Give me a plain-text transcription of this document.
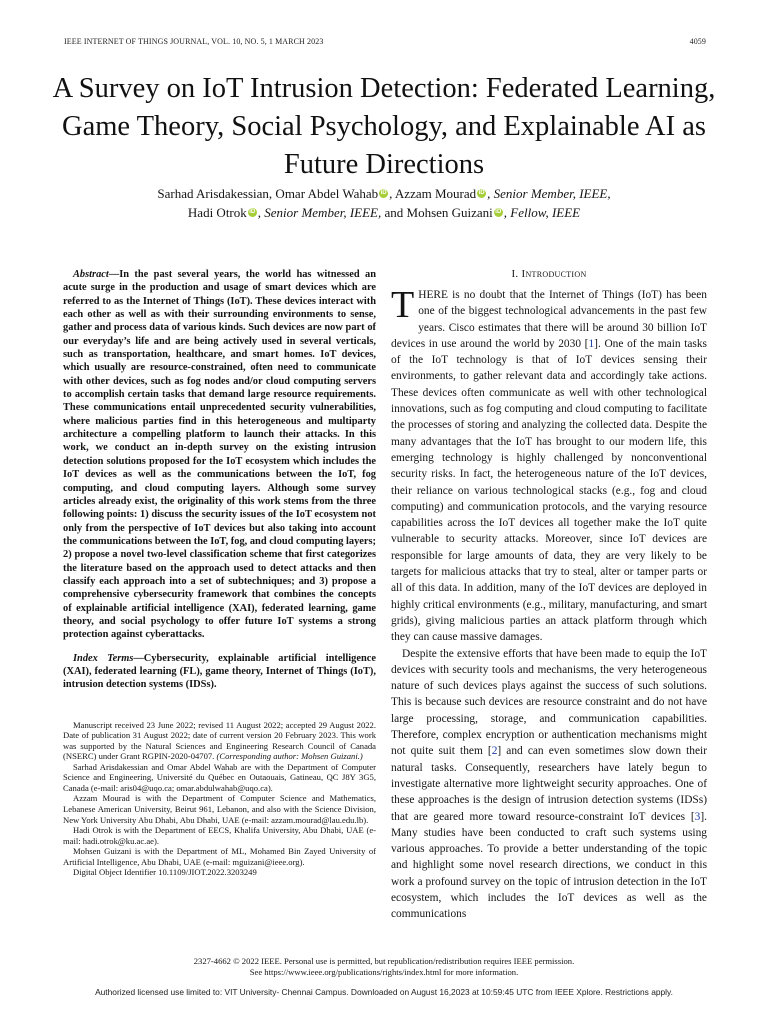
IEEE INTERNET OF THINGS JOURNAL, VOL. 10, NO. 5, 1 MARCH 2023	4059
A Survey on IoT Intrusion Detection: Federated Learning, Game Theory, Social Psychology, and Explainable AI as Future Directions
Sarhad Arisdakessian, Omar Abdel Wahab iD , Azzam Mourad iD , Senior Member, IEEE,
Hadi Otrok iD , Senior Member, IEEE, and Mohsen Guizani iD , Fellow, IEEE

Abstract—In the past several years, the world has witnessed an acute surge in the production and usage of smart devices which are referred to as the Internet of Things (IoT). These devices interact with each other as well as with their surrounding environments to sense, gather and process data of various kinds. Such devices are now part of our everyday’s life and are being actively used in several verticals, such as transportation, healthcare, and smart homes. IoT devices, which usually are resource-constrained, often need to communicate with other devices, such as fog nodes and/or cloud computing servers to accomplish certain tasks that demand large resource requirements. These communications entail unprecedented security vulnerabilities, where malicious parties find in this heterogeneous and multiparty architecture a compelling platform to launch their attacks. In this work, we conduct an in-depth survey on the existing intrusion detection solutions proposed for the IoT ecosystem which includes the IoT devices as well as the communications between the IoT, fog computing, and cloud computing layers. Although some survey articles already exist, the originality of this work stems from the three following points: 1) discuss the security issues of the IoT ecosystem not only from the perspective of IoT devices but also taking into account the communications between the IoT, fog, and cloud computing layers; 2) propose a novel two-level classification scheme that first categorizes the literature based on the approach used to detect attacks and then classify each approach into a set of subtechniques; and 3) propose a comprehensive cybersecurity framework that combines the concepts of explainable artificial intelligence (XAI), federated learning, game theory, and social psychology to offer future IoT systems a strong protection against cyberattacks.

Index Terms—Cybersecurity, explainable artificial intelligence (XAI), federated learning (FL), game theory, Internet of Things (IoT), intrusion detection systems (IDSs).

Manuscript received 23 June 2022; revised 11 August 2022; accepted 29 August 2022. Date of publication 31 August 2022; date of current version 20 February 2023. This work was supported by the Natural Sciences and Engineering Research Council of Canada (NSERC) under Grant RGPIN-2020-04707. (Corresponding author: Mohsen Guizani.)

Sarhad Arisdakessian and Omar Abdel Wahab are with the Department of Computer Science and Engineering, Université du Québec en Outaouais, Gatineau, QC J8Y 3G5, Canada (e-mail: aris04@uqo.ca; omar.abdulwahab@uqo.ca).

Azzam Mourad is with the Department of Computer Science and Mathematics, Lebanese American University, Beirut 961, Lebanon, and also with the Science Division, New York University Abu Dhabi, Abu Dhabi, UAE (e-mail: azzam.mourad@lau.edu.lb).

Hadi Otrok is with the Department of EECS, Khalifa University, Abu Dhabi, UAE (e-mail: hadi.otrok@ku.ac.ae).

Mohsen Guizani is with the Department of ML, Mohamed Bin Zayed University of Artificial Intelligence, Abu Dhabi, UAE (e-mail: mguizani@ieee.org).

Digital Object Identifier 10.1109/JIOT.2022.3203249

I. Introduction

THERE is no doubt that the Internet of Things (IoT) has been one of the biggest technological advancements in the past few years. Cisco estimates that there will be around 30 billion IoT devices in use around the world by 2030 [1]. One of the main tasks of the IoT technology is that of IoT devices sensing their environments, to gather relevant data and accordingly take actions. These devices often communicate as well with other technological innovations, such as fog computing and cloud computing to facilitate the processes of storing and analyzing the collected data. Despite the many advantages that the IoT has brought to our modern life, this emerging technology is highly challenged by nonconventional security risks. In fact, the heterogeneous nature of the IoT devices, their reliance on various technological stacks (e.g., fog and cloud computing) and communication protocols, and the varying resource capabilities across the IoT devices all together make the IoT quite vulnerable to security attacks. Moreover, since IoT devices are responsible for large amounts of data, they are very likely to be targets for malicious attacks that try to steal, alter or tamper parts or all of this data. In addition, many of the IoT devices are deployed in highly critical environments (e.g., military, manufacturing, and smart grids), giving malicious parties an attack platform through which they can cause massive damages.

Despite the extensive efforts that have been made to equip the IoT devices with security tools and mechanisms, the very heterogeneous nature of such devices plays against the success of such solutions. This is because such devices are resource constraint and do not have large processing, storage, and communication capabilities. Therefore, complex encryption or authentication mechanisms might not quite suit them [2] and can even sometimes slow down their natural tasks. Consequently, researchers have lately begun to investigate alternative more lightweight security approaches. One of these approaches is the design of intrusion detection systems (IDSs) that are geared more toward resource-constraint IoT devices [3]. Many studies have been conducted to craft such systems using various approaches. To provide a better understanding of the topic and highlight some novel research directions, we conduct in this work a profound survey on the topic of intrusion detection in the IoT ecosystem, which includes the IoT devices as well as the communications

2327-4662 © 2022 IEEE. Personal use is permitted, but republication/redistribution requires IEEE permission.
See https://www.ieee.org/publications/rights/index.html for more information.
Authorized licensed use limited to: VIT University- Chennai Campus. Downloaded on August 16,2023 at 10:59:45 UTC from IEEE Xplore. Restrictions apply.
